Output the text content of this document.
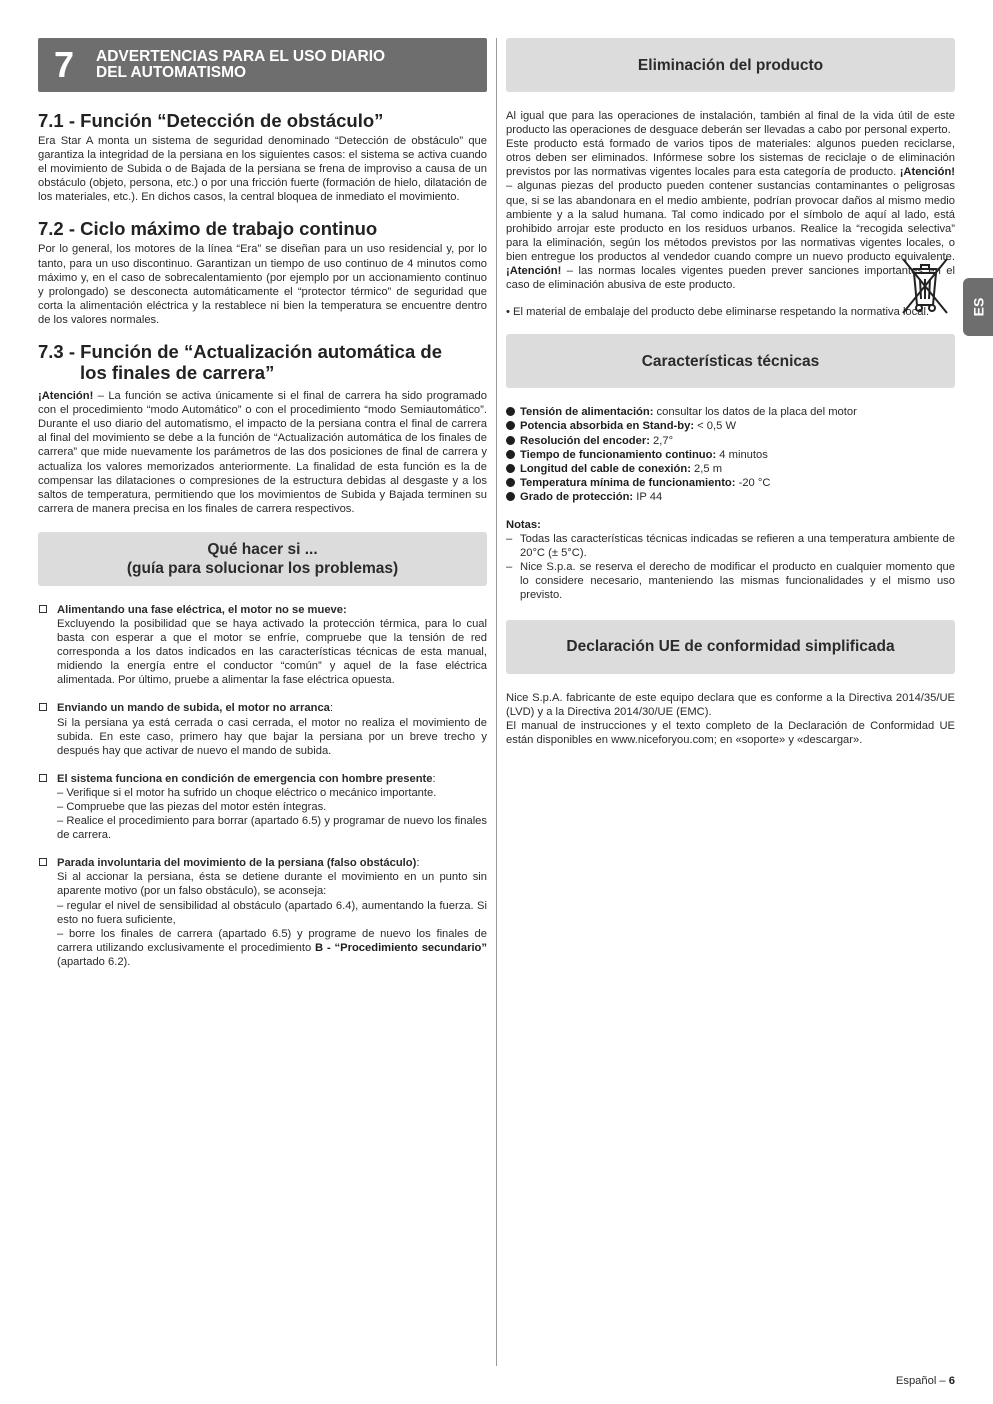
7	ADVERTENCIAS PARA EL USO DIARIO
DEL AUTOMATISMO
7.1 - Función “Detección de obstáculo”

Era Star A monta un sistema de seguridad denominado “Detección de obstáculo” que garantiza la integridad de la persiana en los siguientes casos: el sistema se activa cuando el movimiento de Subida o de Bajada de la persiana se frena de improviso a causa de un obstáculo (objeto, persona, etc.) o por una fricción fuerte (formación de hielo, dilatación de los materiales, etc.). En dichos casos, la central bloquea de inmediato el movimiento.

7.2 - Ciclo máximo de trabajo continuo

Por lo general, los motores de la línea “Era” se diseñan para un uso residencial y, por lo tanto, para un uso discontinuo. Garantizan un tiempo de uso continuo de 4 minutos como máximo y, en el caso de sobrecalentamiento (por ejemplo por un accionamiento continuo y prolongado) se desconecta automáticamente el “protector térmico” de seguridad que corta la alimentación eléctrica y la restablece ni bien la temperatura se encuentre dentro de los valores normales.

7.3 - Función de “Actualización automática de
los finales de carrera”

¡Atención! – La función se activa únicamente si el final de carrera ha sido programado con el procedimiento “modo Automático” o con el procedimiento “modo Semiautomático”. Durante el uso diario del automatismo, el impacto de la persiana contra el final de carrera al final del movimiento se debe a la función de “Actualización automática de los finales de carrera” que mide nuevamente los parámetros de las dos posiciones de final de carrera y actualiza los valores memorizados anteriormente. La finalidad de esta función es la de compensar las dilataciones o compresiones de la estructura debidas al desgaste y a los saltos de temperatura, permitiendo que los movimientos de Subida y Bajada terminen su carrera de manera precisa en los finales de carrera respectivos.

Qué hacer si ...
(guía para solucionar los problemas)
Alimentando una fase eléctrica, el motor no se mueve:
Excluyendo la posibilidad que se haya activado la protección térmica, para lo cual basta con esperar a que el motor se enfríe, compruebe que la tensión de red corresponda a los datos indicados en las características técnicas de esta manual, midiendo la energía entre el conductor “común” y aquel de la fase eléctrica alimentada. Por último, pruebe a alimentar la fase eléctrica opuesta.
Enviando un mando de subida, el motor no arranca:
Si la persiana ya está cerrada o casi cerrada, el motor no realiza el movimiento de subida. En este caso, primero hay que bajar la persiana por un breve trecho y después hay que activar de nuevo el mando de subida.
El sistema funciona en condición de emergencia con hombre presente:
– Verifique si el motor ha sufrido un choque eléctrico o mecánico importante.
– Compruebe que las piezas del motor estén íntegras.
– Realice el procedimiento para borrar (apartado 6.5) y programar de nuevo los finales de carrera.
Parada involuntaria del movimiento de la persiana (falso obstáculo):
Si al accionar la persiana, ésta se detiene durante el movimiento en un punto sin aparente motivo (por un falso obstáculo), se aconseja:
– regular el nivel de sensibilidad al obstáculo (apartado 6.4), aumentando la fuerza. Si esto no fuera suficiente,
– borre los finales de carrera (apartado 6.5) y programe de nuevo los finales de carrera utilizando exclusivamente el procedimiento B - “Procedimiento secundario” (apartado 6.2).
Eliminación del producto

Al igual que para las operaciones de instalación, también al final de la vida útil de este producto las operaciones de desguace deberán ser llevadas a cabo por personal experto.

Este producto está formado de varios tipos de materiales: algunos pueden reciclarse, otros deben ser eliminados. Infórmese sobre los sistemas de reciclaje o de eliminación previstos por las normativas vigentes locales para esta categoría de producto. ¡Atención! – algunas piezas del producto pueden contener sustancias contaminantes o peligrosas que, si se las abandonara en el medio ambiente, podrían provocar daños al mismo medio ambiente y a la salud humana. Tal como indicado por el símbolo de aquí al lado, está prohibido arrojar este producto en los residuos urbanos. Realice la “recogida selectiva” para la eliminación, según los métodos previstos por las normativas vigentes locales, o bien entregue los productos al vendedor cuando compre un nuevo producto equivalente. ¡Atención! – las normas locales vigentes pueden prever sanciones importantes en el caso de eliminación abusiva de este producto.

• El material de embalaje del producto debe eliminarse respetando la normativa local.

Características técnicas
Tensión de alimentación: consultar los datos de la placa del motor
Potencia absorbida en Stand-by: < 0,5 W
Resolución del encoder: 2,7°
Tiempo de funcionamiento continuo: 4 minutos
Longitud del cable de conexión: 2,5 m
Temperatura mínima de funcionamiento: -20 °C
Grado de protección: IP 44

Notas:

– Todas las características técnicas indicadas se refieren a una temperatura ambiente de 20°C (± 5°C).
– Nice S.p.a. se reserva el derecho de modificar el producto en cualquier momento que lo considere necesario, manteniendo las mismas funcionalidades y el mismo uso previsto.
Declaración UE de conformidad simplificada

Nice S.p.A. fabricante de este equipo declara que es conforme a la Directiva 2014/35/UE (LVD) y a la Directiva 2014/30/UE (EMC).

El manual de instrucciones y el texto completo de la Declaración de Conformidad UE están disponibles en www.niceforyou.com; en «soporte» y «descargar».

ES
Español – 6
